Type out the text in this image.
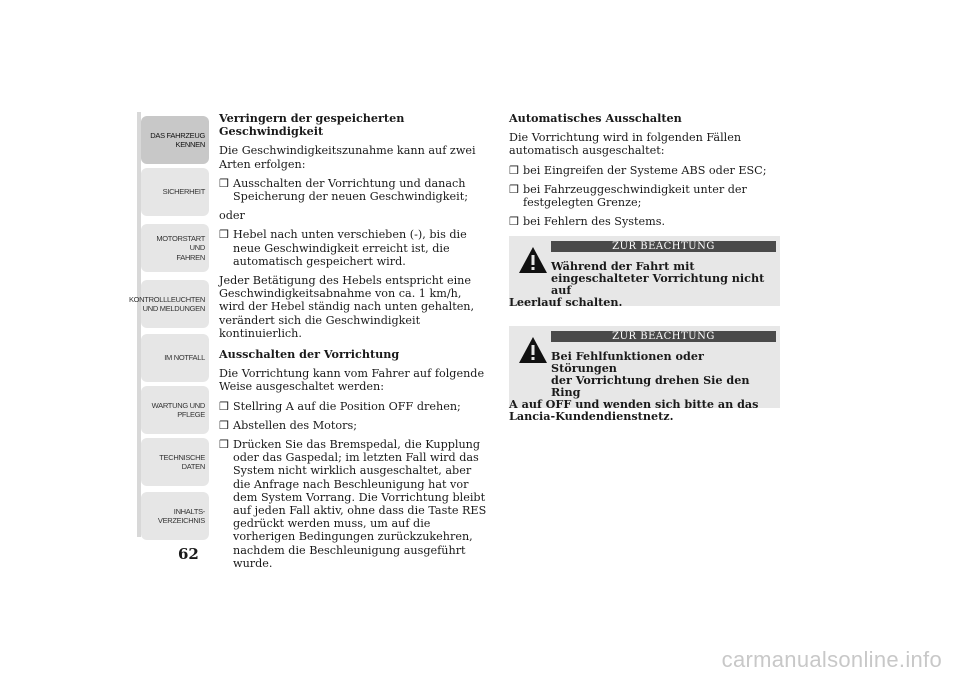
DAS FAHRZEUG
KENNEN
SICHERHEIT
MOTORSTART UND
FAHREN
KONTROLLLEUCHTEN
UND MELDUNGEN
IM NOTFALL
WARTUNG UND
PFLEGE
TECHNISCHE
DATEN
INHALTS-
VERZEICHNIS
62
Verringern der gespeicherten Geschwindigkeit

Die Geschwindigkeitszunahme kann auf zwei Arten erfolgen:

❒ Ausschalten der Vorrichtung und danach Speicherung der neuen Geschwindigkeit;

oder

❒ Hebel nach unten verschieben (-), bis die neue Geschwindigkeit erreicht ist, die automatisch gespeichert wird.

Jeder Betätigung des Hebels entspricht eine Geschwindigkeitsabnahme von ca. 1 km/h, wird der Hebel ständig nach unten gehalten, verändert sich die Geschwindigkeit kontinuierlich.

Ausschalten der Vorrichtung

Die Vorrichtung kann vom Fahrer auf folgende Weise ausgeschaltet werden:

❒ Stellring A auf die Position OFF drehen;
❒ Abstellen des Motors;
❒ Drücken Sie das Bremspedal, die Kupplung oder das Gaspedal; im letzten Fall wird das System nicht wirklich ausgeschaltet, aber die Anfrage nach Beschleunigung hat vor dem System Vorrang. Die Vorrichtung bleibt auf jeden Fall aktiv, ohne dass die Taste RES gedrückt werden muss, um auf die vorherigen Bedingungen zurückzukehren, nachdem die Beschleunigung ausgeführt wurde.
Automatisches Ausschalten

Die Vorrichtung wird in folgenden Fällen automatisch ausgeschaltet:

❒ bei Eingreifen der Systeme ABS oder ESC;
❒ bei Fahrzeuggeschwindigkeit unter der festgelegten Grenze;
❒ bei Fehlern des Systems.
ZUR BEACHTUNG
Während der Fahrt mit
eingeschalteter Vorrichtung nicht auf
Leerlauf schalten.
ZUR BEACHTUNG
Bei Fehlfunktionen oder Störungen
der Vorrichtung drehen Sie den Ring
A auf OFF und wenden sich bitte an das Lancia-Kundendienstnetz.
carmanualsonline.info
